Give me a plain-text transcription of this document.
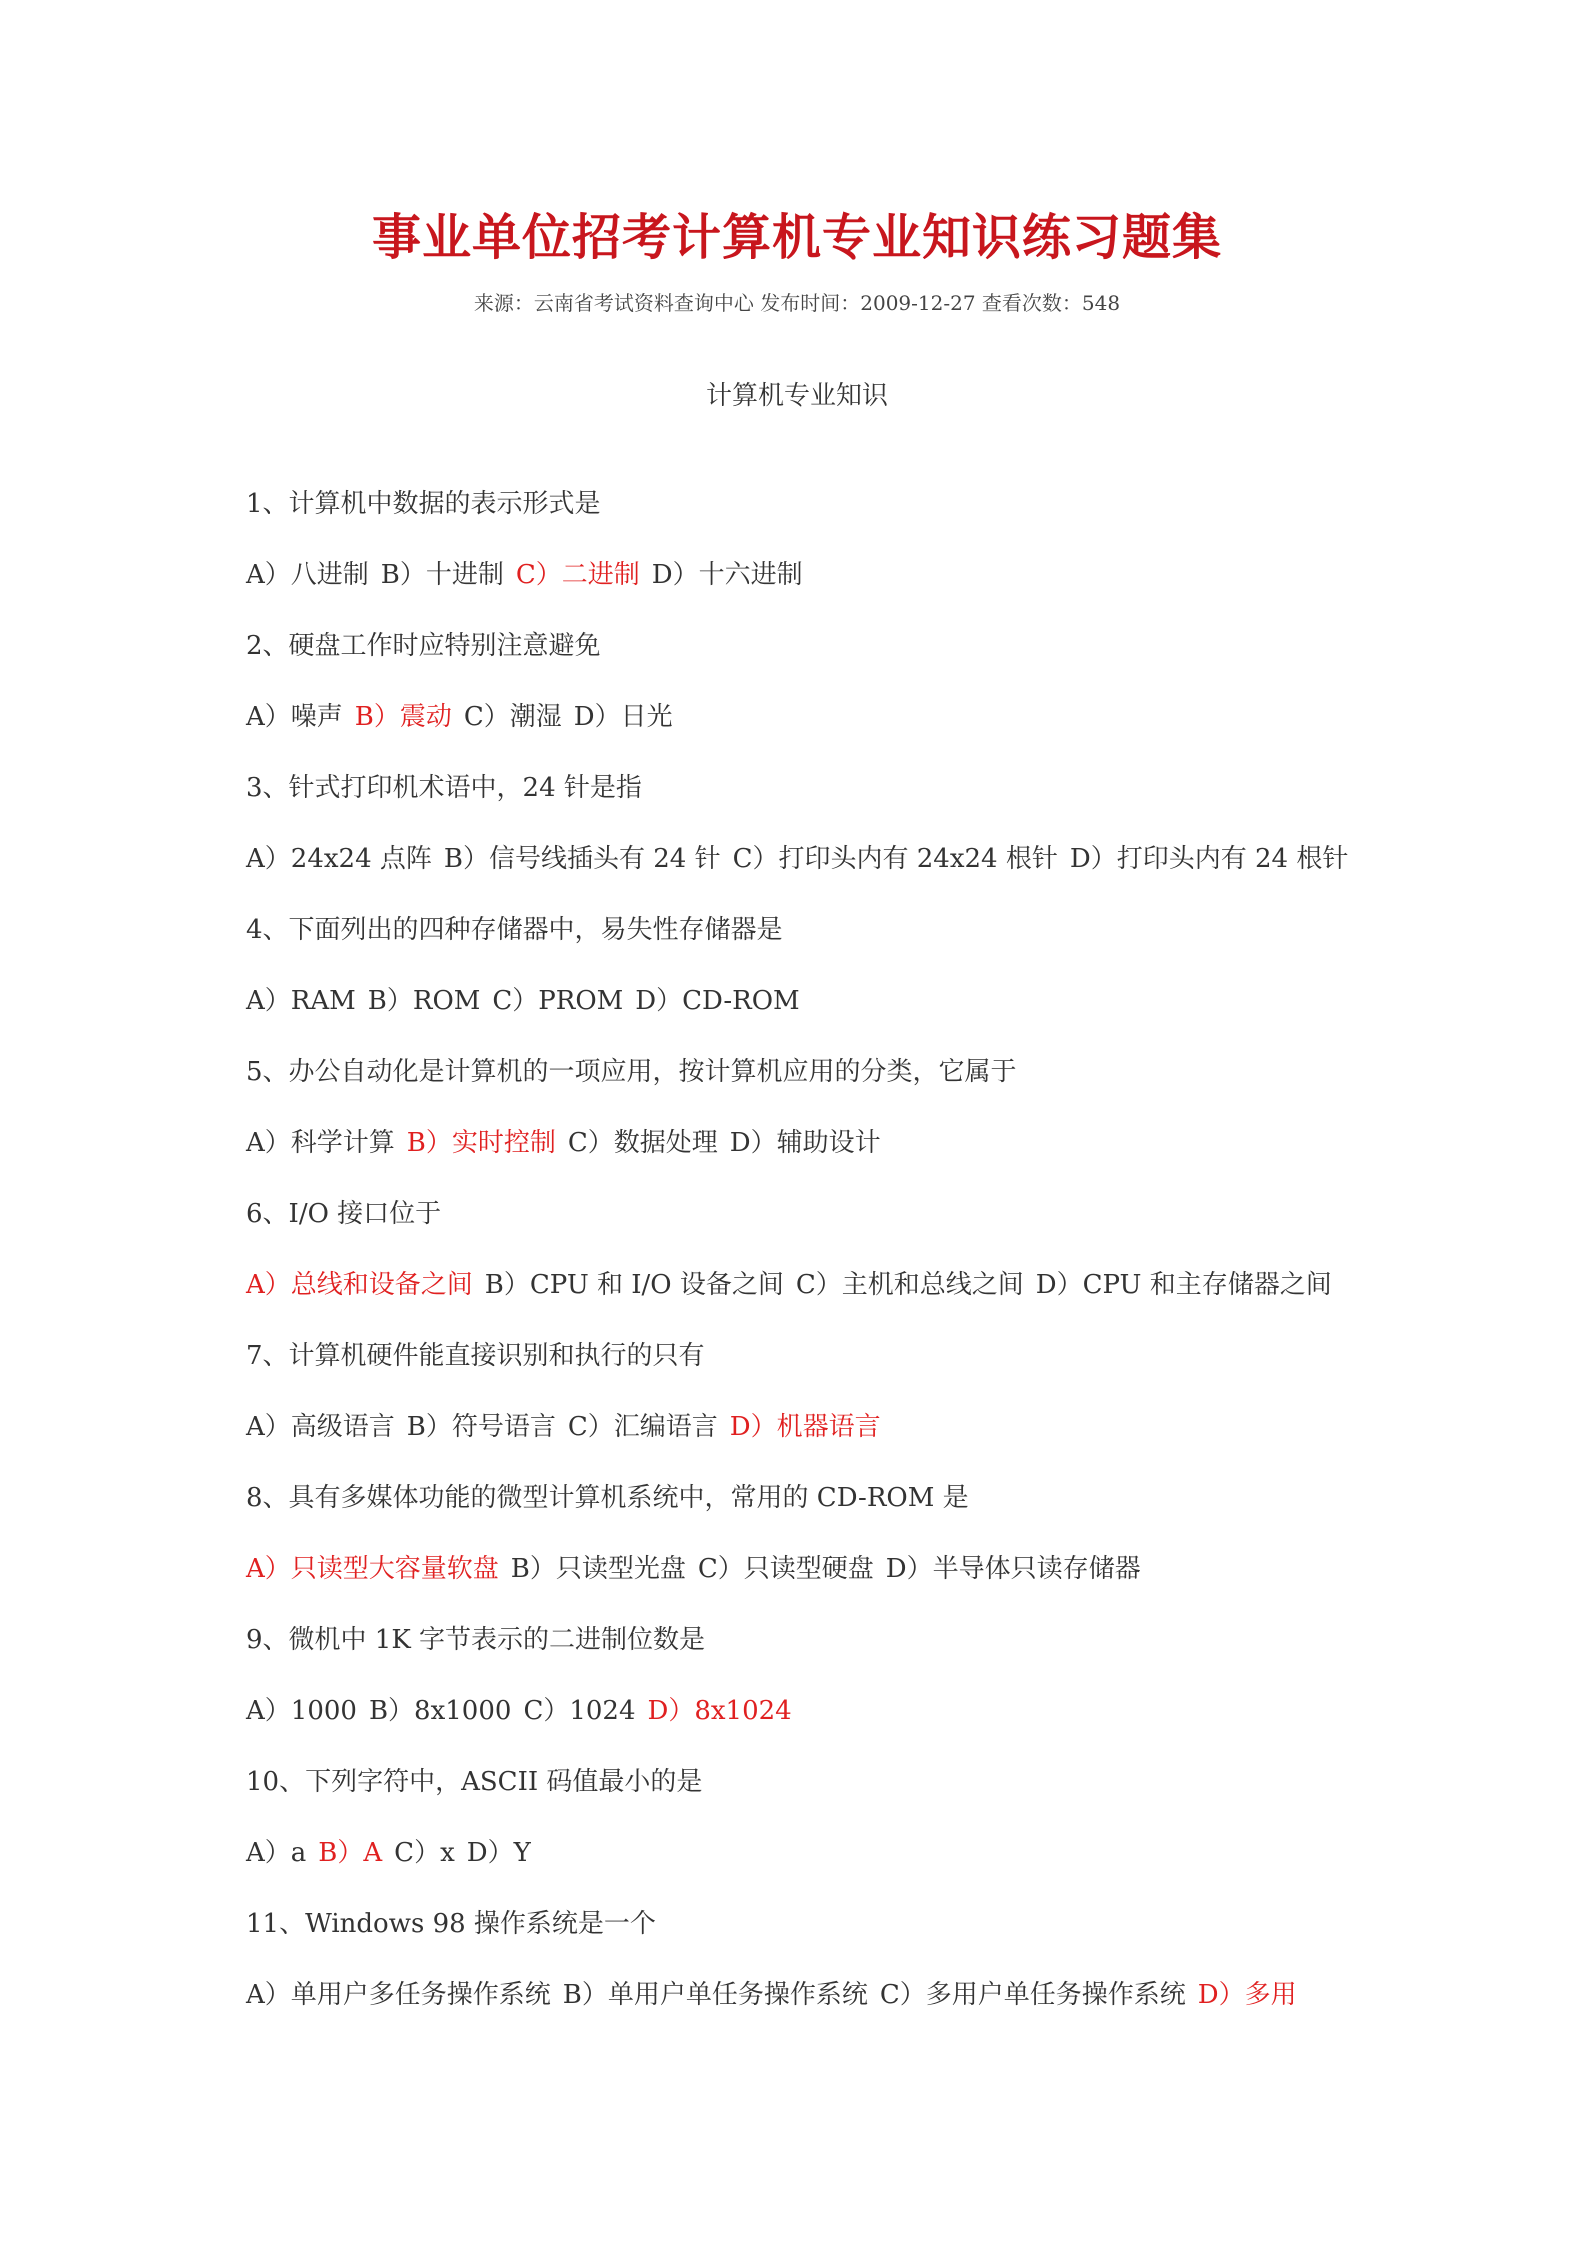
事业单位招考计算机专业知识练习题集
来源：云南省考试资料查询中心 发布时间：2009-12-27 查看次数：548
计算机专业知识
1、计算机中数据的表示形式是
A）八进制 B）十进制 C）二进制 D）十六进制
2、硬盘工作时应特别注意避免
A）噪声 B）震动 C）潮湿 D）日光
3、针式打印机术语中，24 针是指
A）24x24 点阵 B）信号线插头有 24 针 C）打印头内有 24x24 根针 D）打印头内有 24 根针
4、下面列出的四种存储器中，易失性存储器是
A）RAM B）ROM C）PROM D）CD-ROM
5、办公自动化是计算机的一项应用，按计算机应用的分类，它属于
A）科学计算 B）实时控制 C）数据处理 D）辅助设计
6、I/O 接口位于
A）总线和设备之间 B）CPU 和 I/O 设备之间 C）主机和总线之间 D）CPU 和主存储器之间
7、计算机硬件能直接识别和执行的只有
A）高级语言 B）符号语言 C）汇编语言 D）机器语言
8、具有多媒体功能的微型计算机系统中，常用的 CD-ROM 是
A）只读型大容量软盘 B）只读型光盘 C）只读型硬盘 D）半导体只读存储器
9、微机中 1K 字节表示的二进制位数是
A）1000 B）8x1000 C）1024 D）8x1024
10、下列字符中，ASCII 码值最小的是
A）a B）A C）x D）Y
11、Windows 98 操作系统是一个
A）单用户多任务操作系统 B）单用户单任务操作系统 C）多用户单任务操作系统 D）多用
